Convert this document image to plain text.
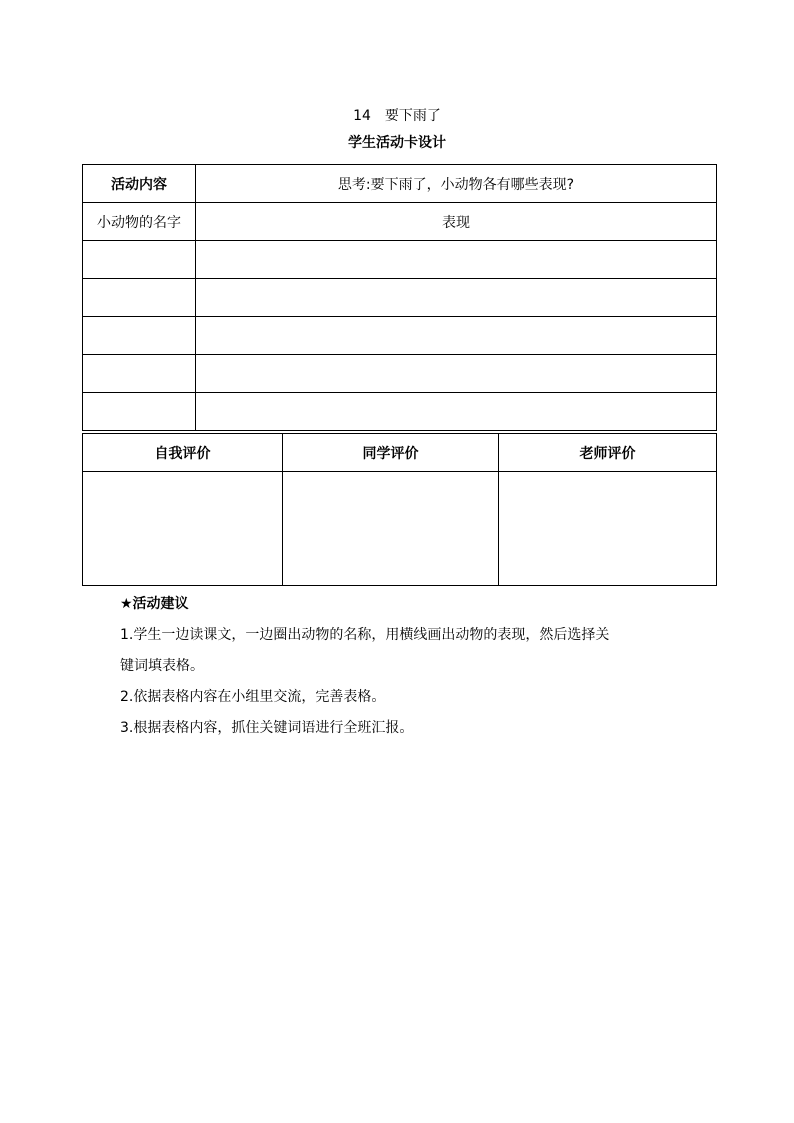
14　要下雨了
学生活动卡设计
活动内容	思考:要下雨了，小动物各有哪些表现?
小动物的名字	表现

自我评价	同学评价	老师评价

★活动建议
1.学生一边读课文，一边圈出动物的名称，用横线画出动物的表现，然后选择关
键词填表格。
2.依据表格内容在小组里交流，完善表格。
3.根据表格内容，抓住关键词语进行全班汇报。
